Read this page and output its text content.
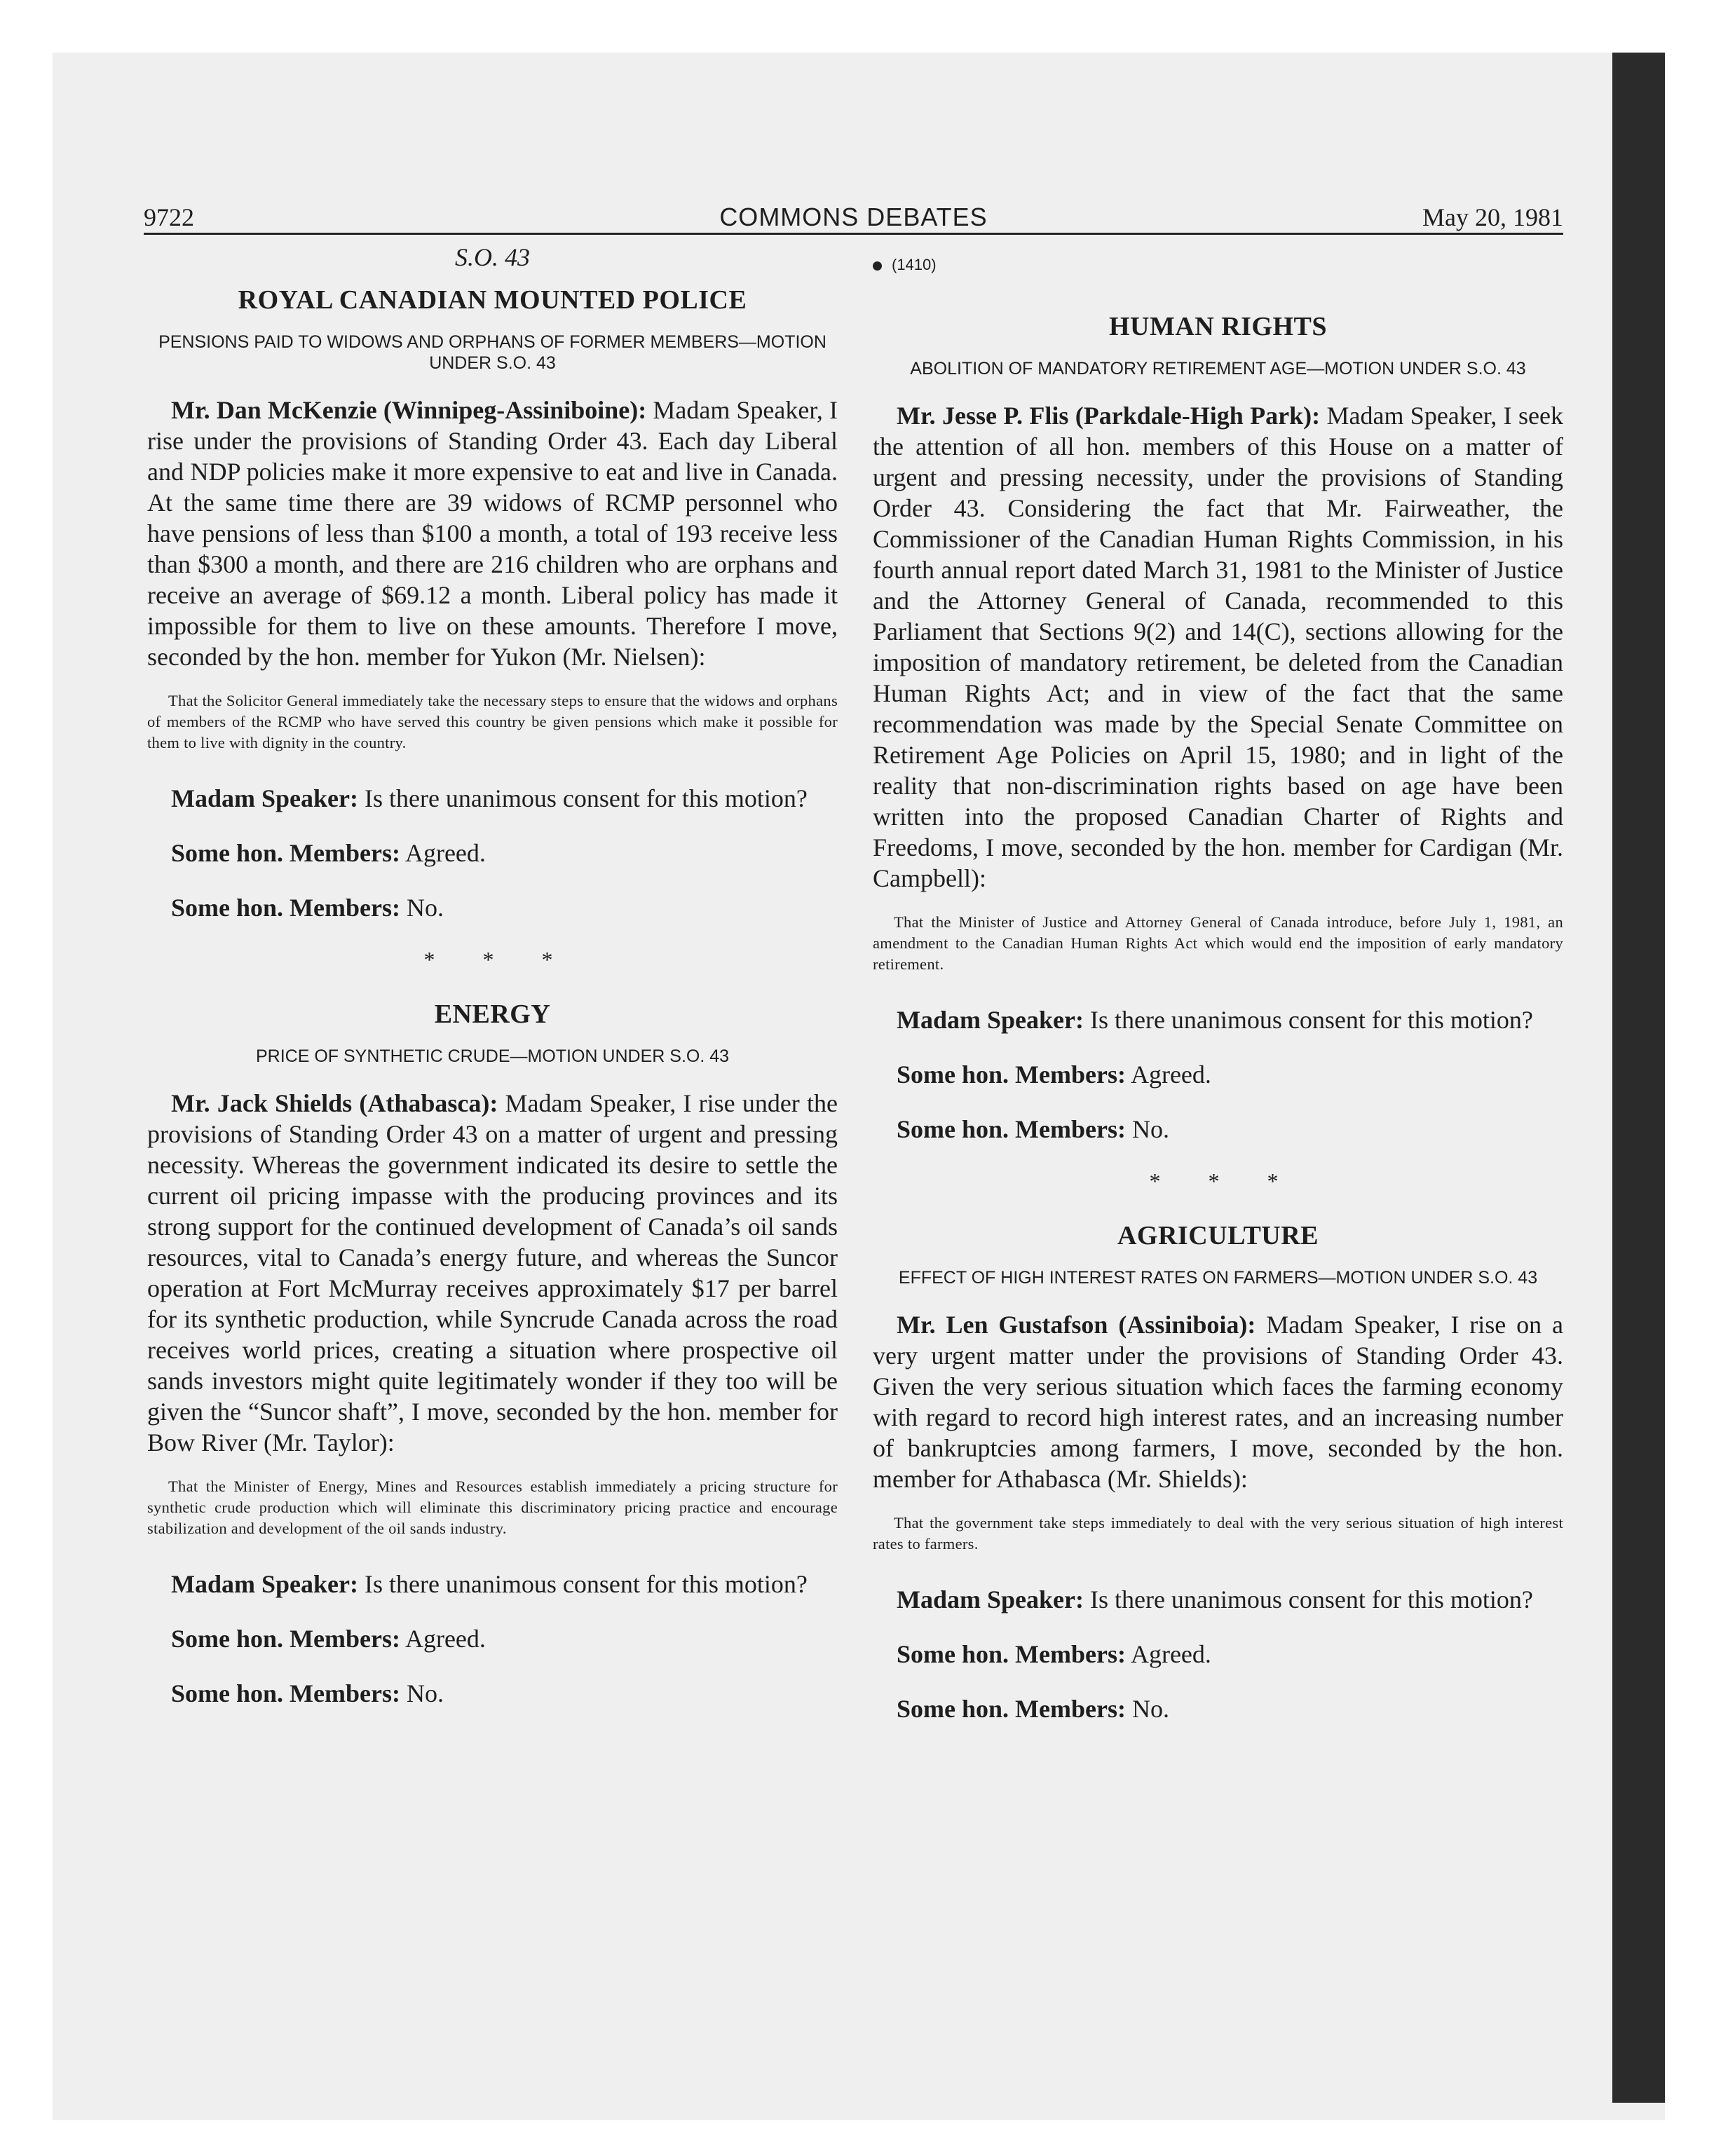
9722	COMMONS DEBATES	May 20, 1981
S.O. 43
ROYAL CANADIAN MOUNTED POLICE
PENSIONS PAID TO WIDOWS AND ORPHANS OF FORMER MEMBERS—MOTION UNDER S.O. 43

Mr. Dan McKenzie (Winnipeg-Assiniboine): Madam Speaker, I rise under the provisions of Standing Order 43. Each day Liberal and NDP policies make it more expensive to eat and live in Canada. At the same time there are 39 widows of RCMP personnel who have pensions of less than $100 a month, a total of 193 receive less than $300 a month, and there are 216 children who are orphans and receive an average of $69.12 a month. Liberal policy has made it impossible for them to live on these amounts. Therefore I move, seconded by the hon. member for Yukon (Mr. Nielsen):

That the Solicitor General immediately take the necessary steps to ensure that the widows and orphans of members of the RCMP who have served this country be given pensions which make it possible for them to live with dignity in the country.

Madam Speaker: Is there unanimous consent for this motion?

Some hon. Members: Agreed.

Some hon. Members: No.

* * *
ENERGY
PRICE OF SYNTHETIC CRUDE—MOTION UNDER S.O. 43

Mr. Jack Shields (Athabasca): Madam Speaker, I rise under the provisions of Standing Order 43 on a matter of urgent and pressing necessity. Whereas the government indicated its desire to settle the current oil pricing impasse with the producing provinces and its strong support for the continued development of Canada’s oil sands resources, vital to Canada’s energy future, and whereas the Suncor operation at Fort McMurray receives approximately $17 per barrel for its synthetic production, while Syncrude Canada across the road receives world prices, creating a situation where prospective oil sands investors might quite legitimately wonder if they too will be given the “Suncor shaft”, I move, seconded by the hon. member for Bow River (Mr. Taylor):

That the Minister of Energy, Mines and Resources establish immediately a pricing structure for synthetic crude production which will eliminate this discriminatory pricing practice and encourage stabilization and development of the oil sands industry.

Madam Speaker: Is there unanimous consent for this motion?

Some hon. Members: Agreed.

Some hon. Members: No.

(1410)
HUMAN RIGHTS
ABOLITION OF MANDATORY RETIREMENT AGE—MOTION UNDER S.O. 43

Mr. Jesse P. Flis (Parkdale-High Park): Madam Speaker, I seek the attention of all hon. members of this House on a matter of urgent and pressing necessity, under the provisions of Standing Order 43. Considering the fact that Mr. Fairweather, the Commissioner of the Canadian Human Rights Commission, in his fourth annual report dated March 31, 1981 to the Minister of Justice and the Attorney General of Canada, recommended to this Parliament that Sections 9(2) and 14(C), sections allowing for the imposition of mandatory retirement, be deleted from the Canadian Human Rights Act; and in view of the fact that the same recommendation was made by the Special Senate Committee on Retirement Age Policies on April 15, 1980; and in light of the reality that non-discrimination rights based on age have been written into the proposed Canadian Charter of Rights and Freedoms, I move, seconded by the hon. member for Cardigan (Mr. Campbell):

That the Minister of Justice and Attorney General of Canada introduce, before July 1, 1981, an amendment to the Canadian Human Rights Act which would end the imposition of early mandatory retirement.

Madam Speaker: Is there unanimous consent for this motion?

Some hon. Members: Agreed.

Some hon. Members: No.

* * *
AGRICULTURE
EFFECT OF HIGH INTEREST RATES ON FARMERS—MOTION UNDER S.O. 43

Mr. Len Gustafson (Assiniboia): Madam Speaker, I rise on a very urgent matter under the provisions of Standing Order 43. Given the very serious situation which faces the farming economy with regard to record high interest rates, and an increasing number of bankruptcies among farmers, I move, seconded by the hon. member for Athabasca (Mr. Shields):

That the government take steps immediately to deal with the very serious situation of high interest rates to farmers.

Madam Speaker: Is there unanimous consent for this motion?

Some hon. Members: Agreed.

Some hon. Members: No.
